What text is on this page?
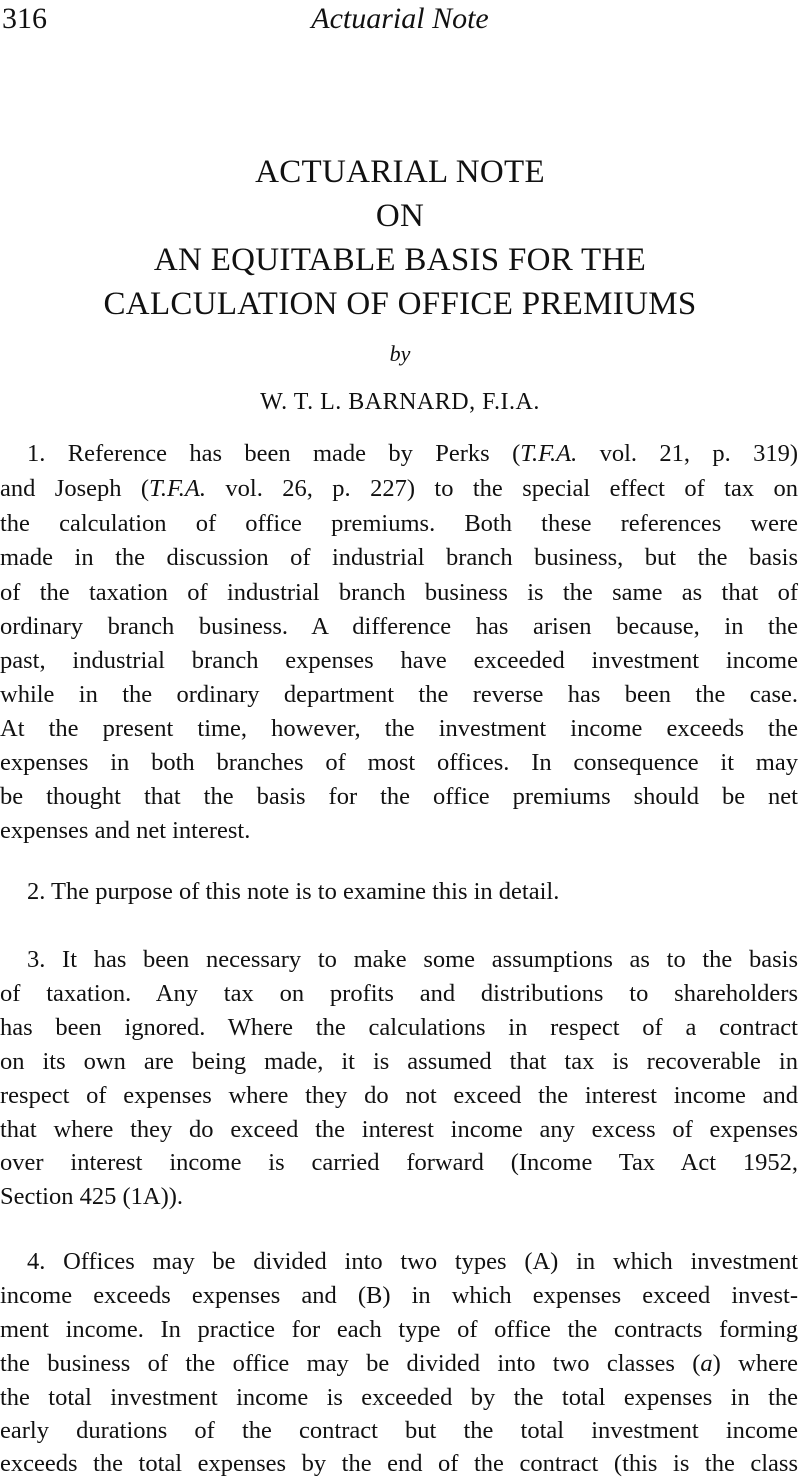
316	Actuarial Note
ACTUARIAL NOTE
ON
AN EQUITABLE BASIS FOR THE
CALCULATION OF OFFICE PREMIUMS
by
W. T. L. BARNARD, F.I.A.
1. Reference has been made by Perks (T.F.A. vol. 21, p. 319)
and Joseph (T.F.A. vol. 26, p. 227) to the special effect of tax on
the calculation of office premiums. Both these references were
made in the discussion of industrial branch business, but the basis
of the taxation of industrial branch business is the same as that of
ordinary branch business. A difference has arisen because, in the
past, industrial branch expenses have exceeded investment income
while in the ordinary department the reverse has been the case.
At the present time, however, the investment income exceeds the
expenses in both branches of most offices. In consequence it may
be thought that the basis for the office premiums should be net
expenses and net interest.
2. The purpose of this note is to examine this in detail.
3. It has been necessary to make some assumptions as to the basis
of taxation. Any tax on profits and distributions to shareholders
has been ignored. Where the calculations in respect of a contract
on its own are being made, it is assumed that tax is recoverable in
respect of expenses where they do not exceed the interest income and
that where they do exceed the interest income any excess of expenses
over interest income is carried forward (Income Tax Act 1952,
Section 425 (1A)).
4. Offices may be divided into two types (A) in which investment
income exceeds expenses and (B) in which expenses exceed invest-
ment income. In practice for each type of office the contracts forming
the business of the office may be divided into two classes (a) where
the total investment income is exceeded by the total expenses in the
early durations of the contract but the total investment income
exceeds the total expenses by the end of the contract (this is the class
